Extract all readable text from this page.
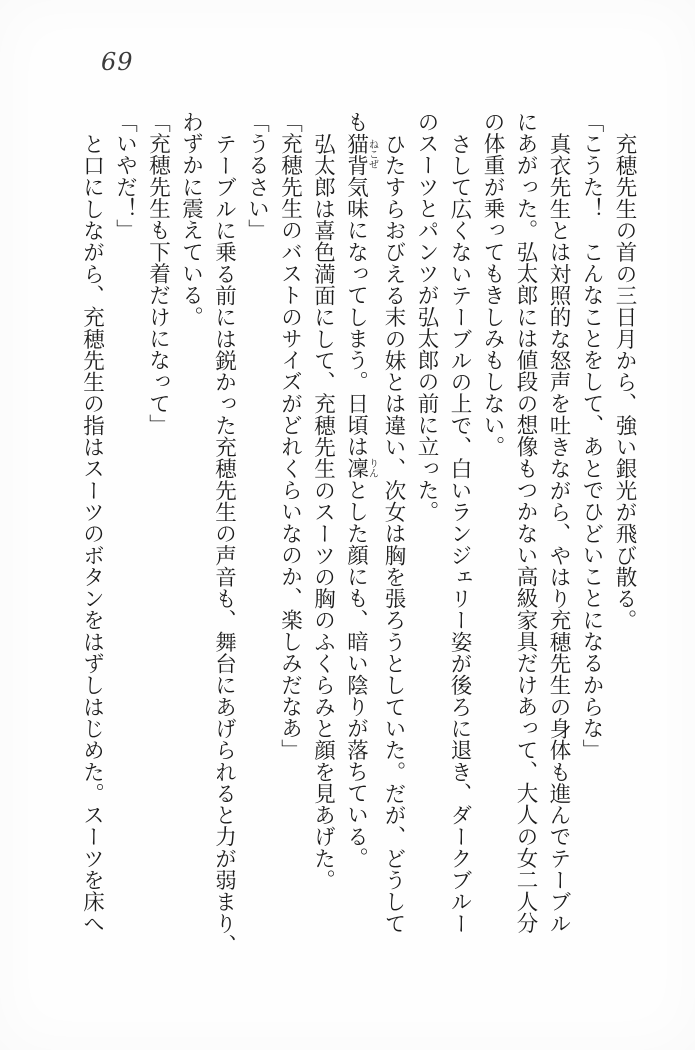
69

充穂先生の首の三日月から、強い銀光が飛び散る。

「こうた！　こんなことをして、あとでひどいことになるからな」

真衣先生とは対照的な怒声を吐きながら、やはり充穂先生の身体も進んでテーブル

にあがった。弘太郎には値段の想像もつかない高級家具だけあって、大人の女二人分

の体重が乗ってもきしみもしない。

さして広くないテーブルの上で、白いランジェリー姿が後ろに退き、ダークブルー

のスーツとパンツが弘太郎の前に立った。

ひたすらおびえる末の妹とは違い、次女は胸を張ろうとしていた。だが、どうして

も猫背ねこぜ気味になってしまう。日頃は凜りんとした顔にも、暗い陰りが落ちている。

弘太郎は喜色満面にして、充穂先生のスーツの胸のふくらみと顔を見あげた。

「充穂先生のバストのサイズがどれくらいなのか、楽しみだなあ」

「うるさい」

テーブルに乗る前には鋭かった充穂先生の声音も、舞台にあげられると力が弱まり、

わずかに震えている。

「充穂先生も下着だけになって」

「いやだ！」

と口にしながら、充穂先生の指はスーツのボタンをはずしはじめた。スーツを床へ
